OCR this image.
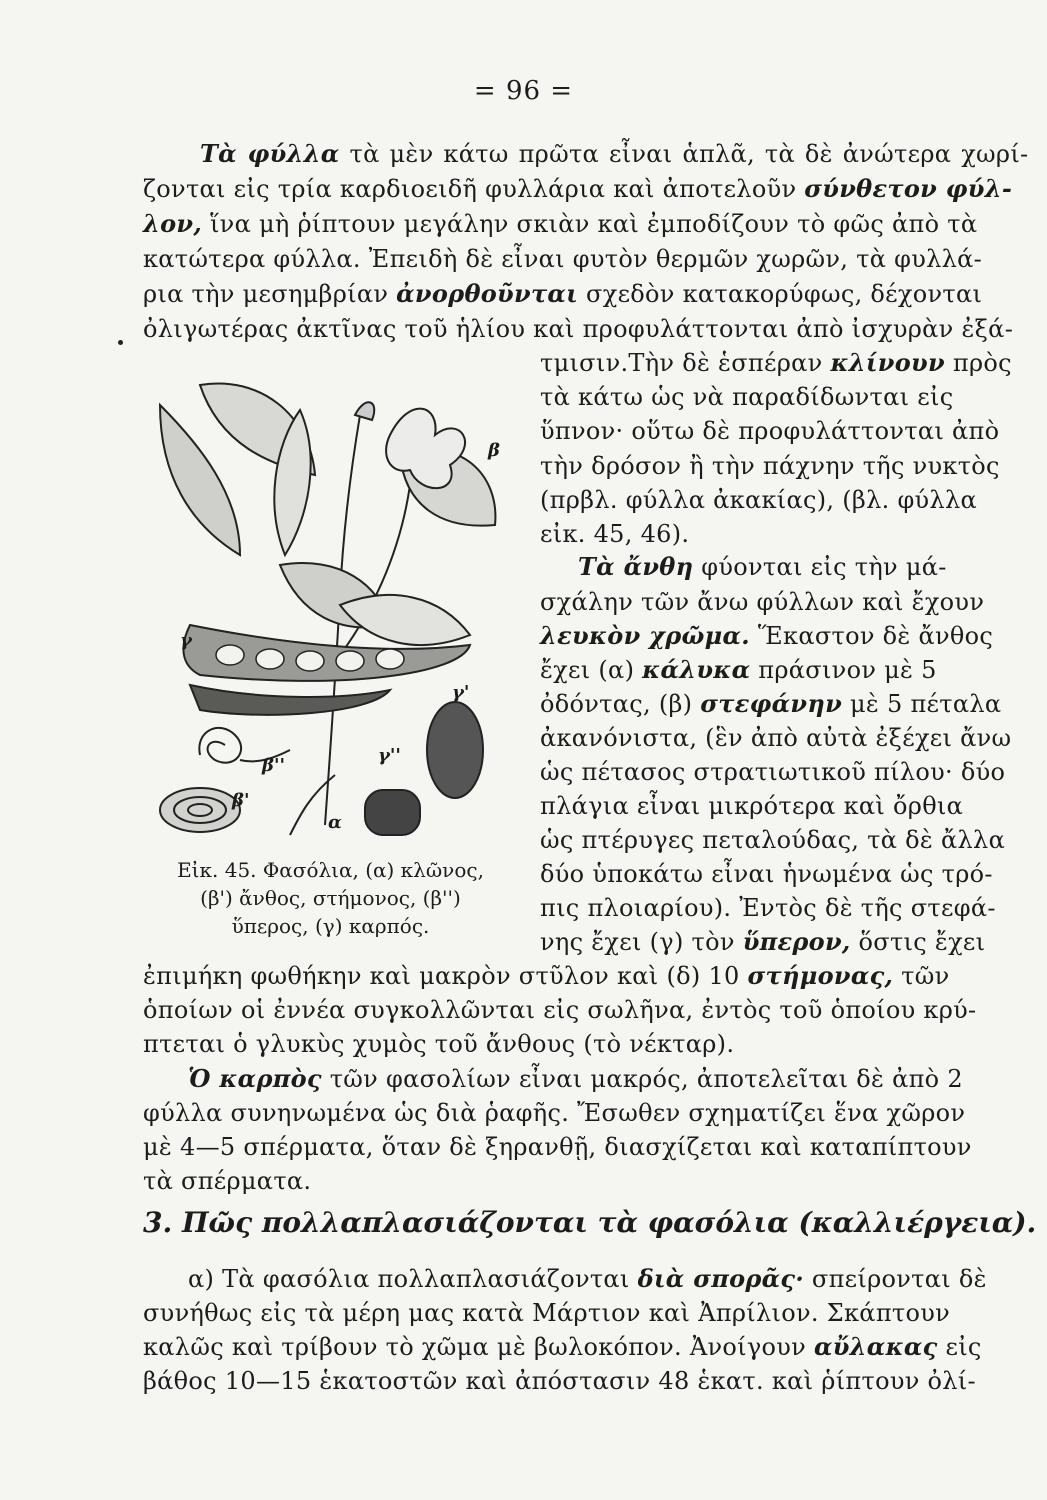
= 96 =
Τὰ φύλλα τὰ μὲν κάτω πρῶτα εἶναι ἁπλᾶ, τὰ δὲ ἀνώτερα χωρί-
ζονται εἰς τρία καρδιοειδῆ φυλλάρια καὶ ἀποτελοῦν σύνθετον φύλ-
λον, ἵνα μὴ ῥίπτουν μεγάλην σκιὰν καὶ ἐμποδίζουν τὸ φῶς ἀπὸ τὰ
κατώτερα φύλλα. Ἐπειδὴ δὲ εἶναι φυτὸν θερμῶν χωρῶν, τὰ φυλλά-
ρια τὴν μεσημβρίαν ἀνορθοῦνται σχεδὸν κατακορύφως, δέχονται
ὀλιγωτέρας ἀκτῖνας τοῦ ἡλίου καὶ προφυλάττονται ἀπὸ ἰσχυρὰν ἐξά-
τμισιν.Τὴν δὲ ἑσπέραν κλίνουν πρὸς
τὰ κάτω ὡς νὰ παραδίδωνται εἰς
ὕπνον· οὕτω δὲ προφυλάττονται ἀπὸ
τὴν δρόσον ἢ τὴν πάχνην τῆς νυκτὸς
(πρβλ. φύλλα ἀκακίας), (βλ. φύλλα
εἰκ. 45, 46).
Τὰ ἄνθη φύονται εἰς τὴν μά-
σχάλην τῶν ἄνω φύλλων καὶ ἔχουν
λευκὸν χρῶμα. Ἕκαστον δὲ ἄνθος
ἔχει (α) κάλυκα πράσινον μὲ 5
ὀδόντας, (β) στεφάνην μὲ 5 πέταλα
ἀκανόνιστα, (ἓν ἀπὸ αὐτὰ ἐξέχει ἄνω
ὡς πέτασος στρατιωτικοῦ πίλου· δύο
πλάγια εἶναι μικρότερα καὶ ὄρθια
ὡς πτέρυγες πεταλούδας, τὰ δὲ ἄλλα
δύο ὑποκάτω εἶναι ἡνωμένα ὡς τρό-
πις πλοιαρίου). Ἐντὸς δὲ τῆς στεφά-
νης ἔχει (γ) τὸν ὕπερον, ὅστις ἔχει
β
γ
γ'
γ''
β''
β'
α
Εἰκ. 45. Φασόλια, (α) κλῶνος,
(β') ἄνθος, στήμονος, (β'')
ὕπερος, (γ) καρπός.
ἐπιμήκη φωθήκην καὶ μακρὸν στῦλον καὶ (δ) 10 στήμονας, τῶν
ὁποίων οἱ ἐννέα συγκολλῶνται εἰς σωλῆνα, ἐντὸς τοῦ ὁποίου κρύ-
πτεται ὁ γλυκὺς χυμὸς τοῦ ἄνθους (τὸ νέκταρ).
Ὁ καρπὸς τῶν φασολίων εἶναι μακρός, ἀποτελεῖται δὲ ἀπὸ 2
φύλλα συνηνωμένα ὡς διὰ ῥαφῆς. Ἔσωθεν σχηματίζει ἕνα χῶρον
μὲ 4—5 σπέρματα, ὅταν δὲ ξηρανθῇ, διασχίζεται καὶ καταπίπτουν
τὰ σπέρματα.
3. Πῶς πολλαπλασιάζονται τὰ φασόλια (καλλιέργεια).
α) Τὰ φασόλια πολλαπλασιάζονται διὰ σπορᾶς· σπείρονται δὲ
συνήθως εἰς τὰ μέρη μας κατὰ Μάρτιον καὶ Ἀπρίλιον. Σκάπτουν
καλῶς καὶ τρίβουν τὸ χῶμα μὲ βωλοκόπον. Ἀνοίγουν αὔλακας εἰς
βάθος 10—15 ἑκατοστῶν καὶ ἀπόστασιν 48 ἑκατ. καὶ ῥίπτουν ὀλί-
